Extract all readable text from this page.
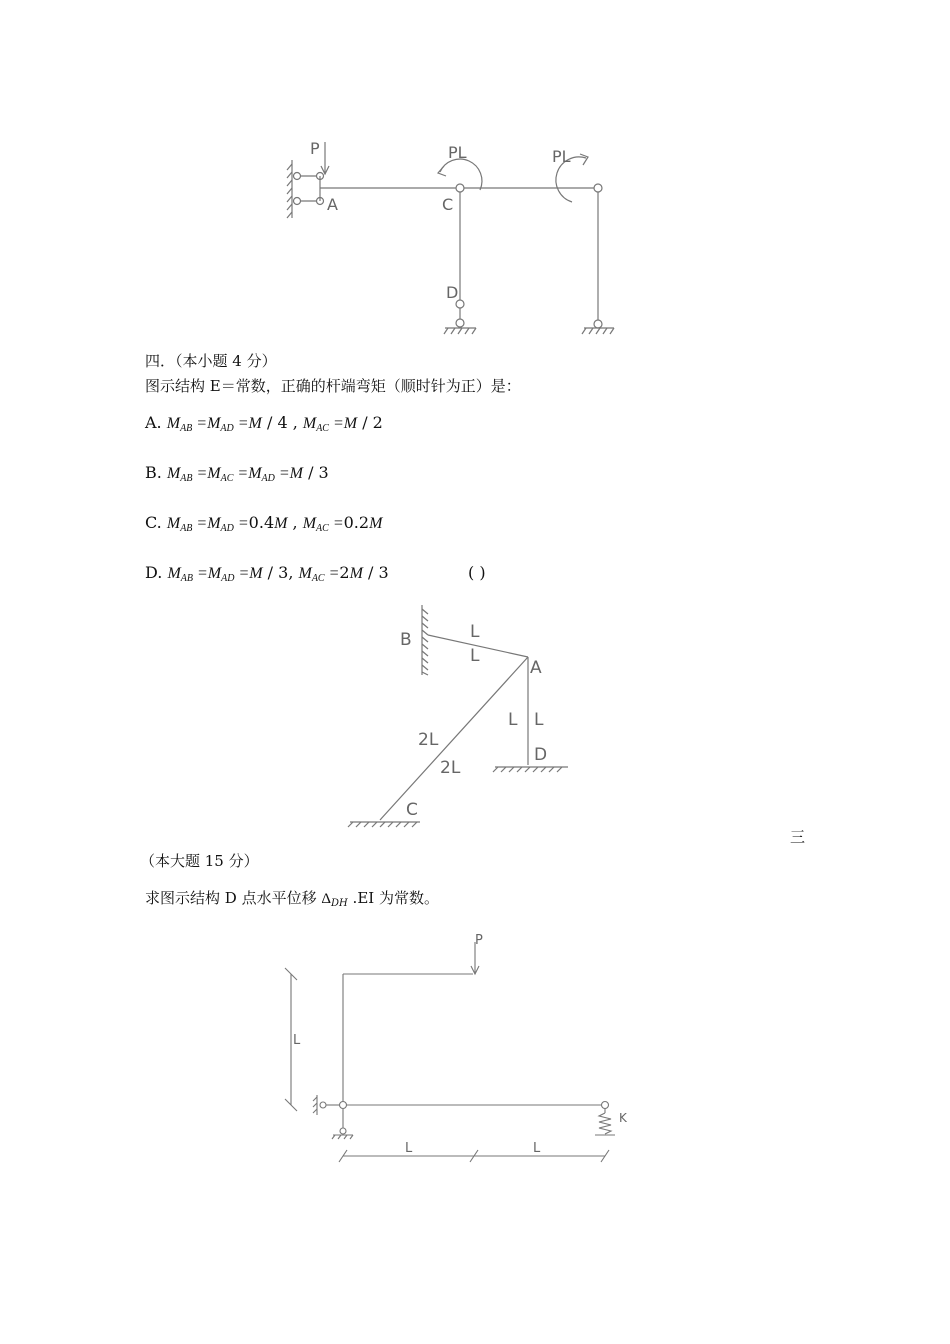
P	PL	PL
A	C
D
四．（本小题 4 分）
图示结构 E＝常数，正确的杆端弯矩（顺时针为正）是：
A. $M_{AB} =M_{AD} =M / 4$ , $M_{AC} =M / 2$
B. $M_{AB} =M_{AC} =M_{AD} =M / 3$
C. $M_{AB} =M_{AD} =0.4M$ , $M_{AC} =0.2M$
D. $M_{AB} =M_{AD} =M / 3$, $M_{AC} =2M / 3$	( )
B	L
L
A
L L
2L
2L
D
C
三
（本大题 15 分）
求图示结构 D 点水平位移 $\Delta_{DH}$ .EI 为常数。
P
L
L	L
K
